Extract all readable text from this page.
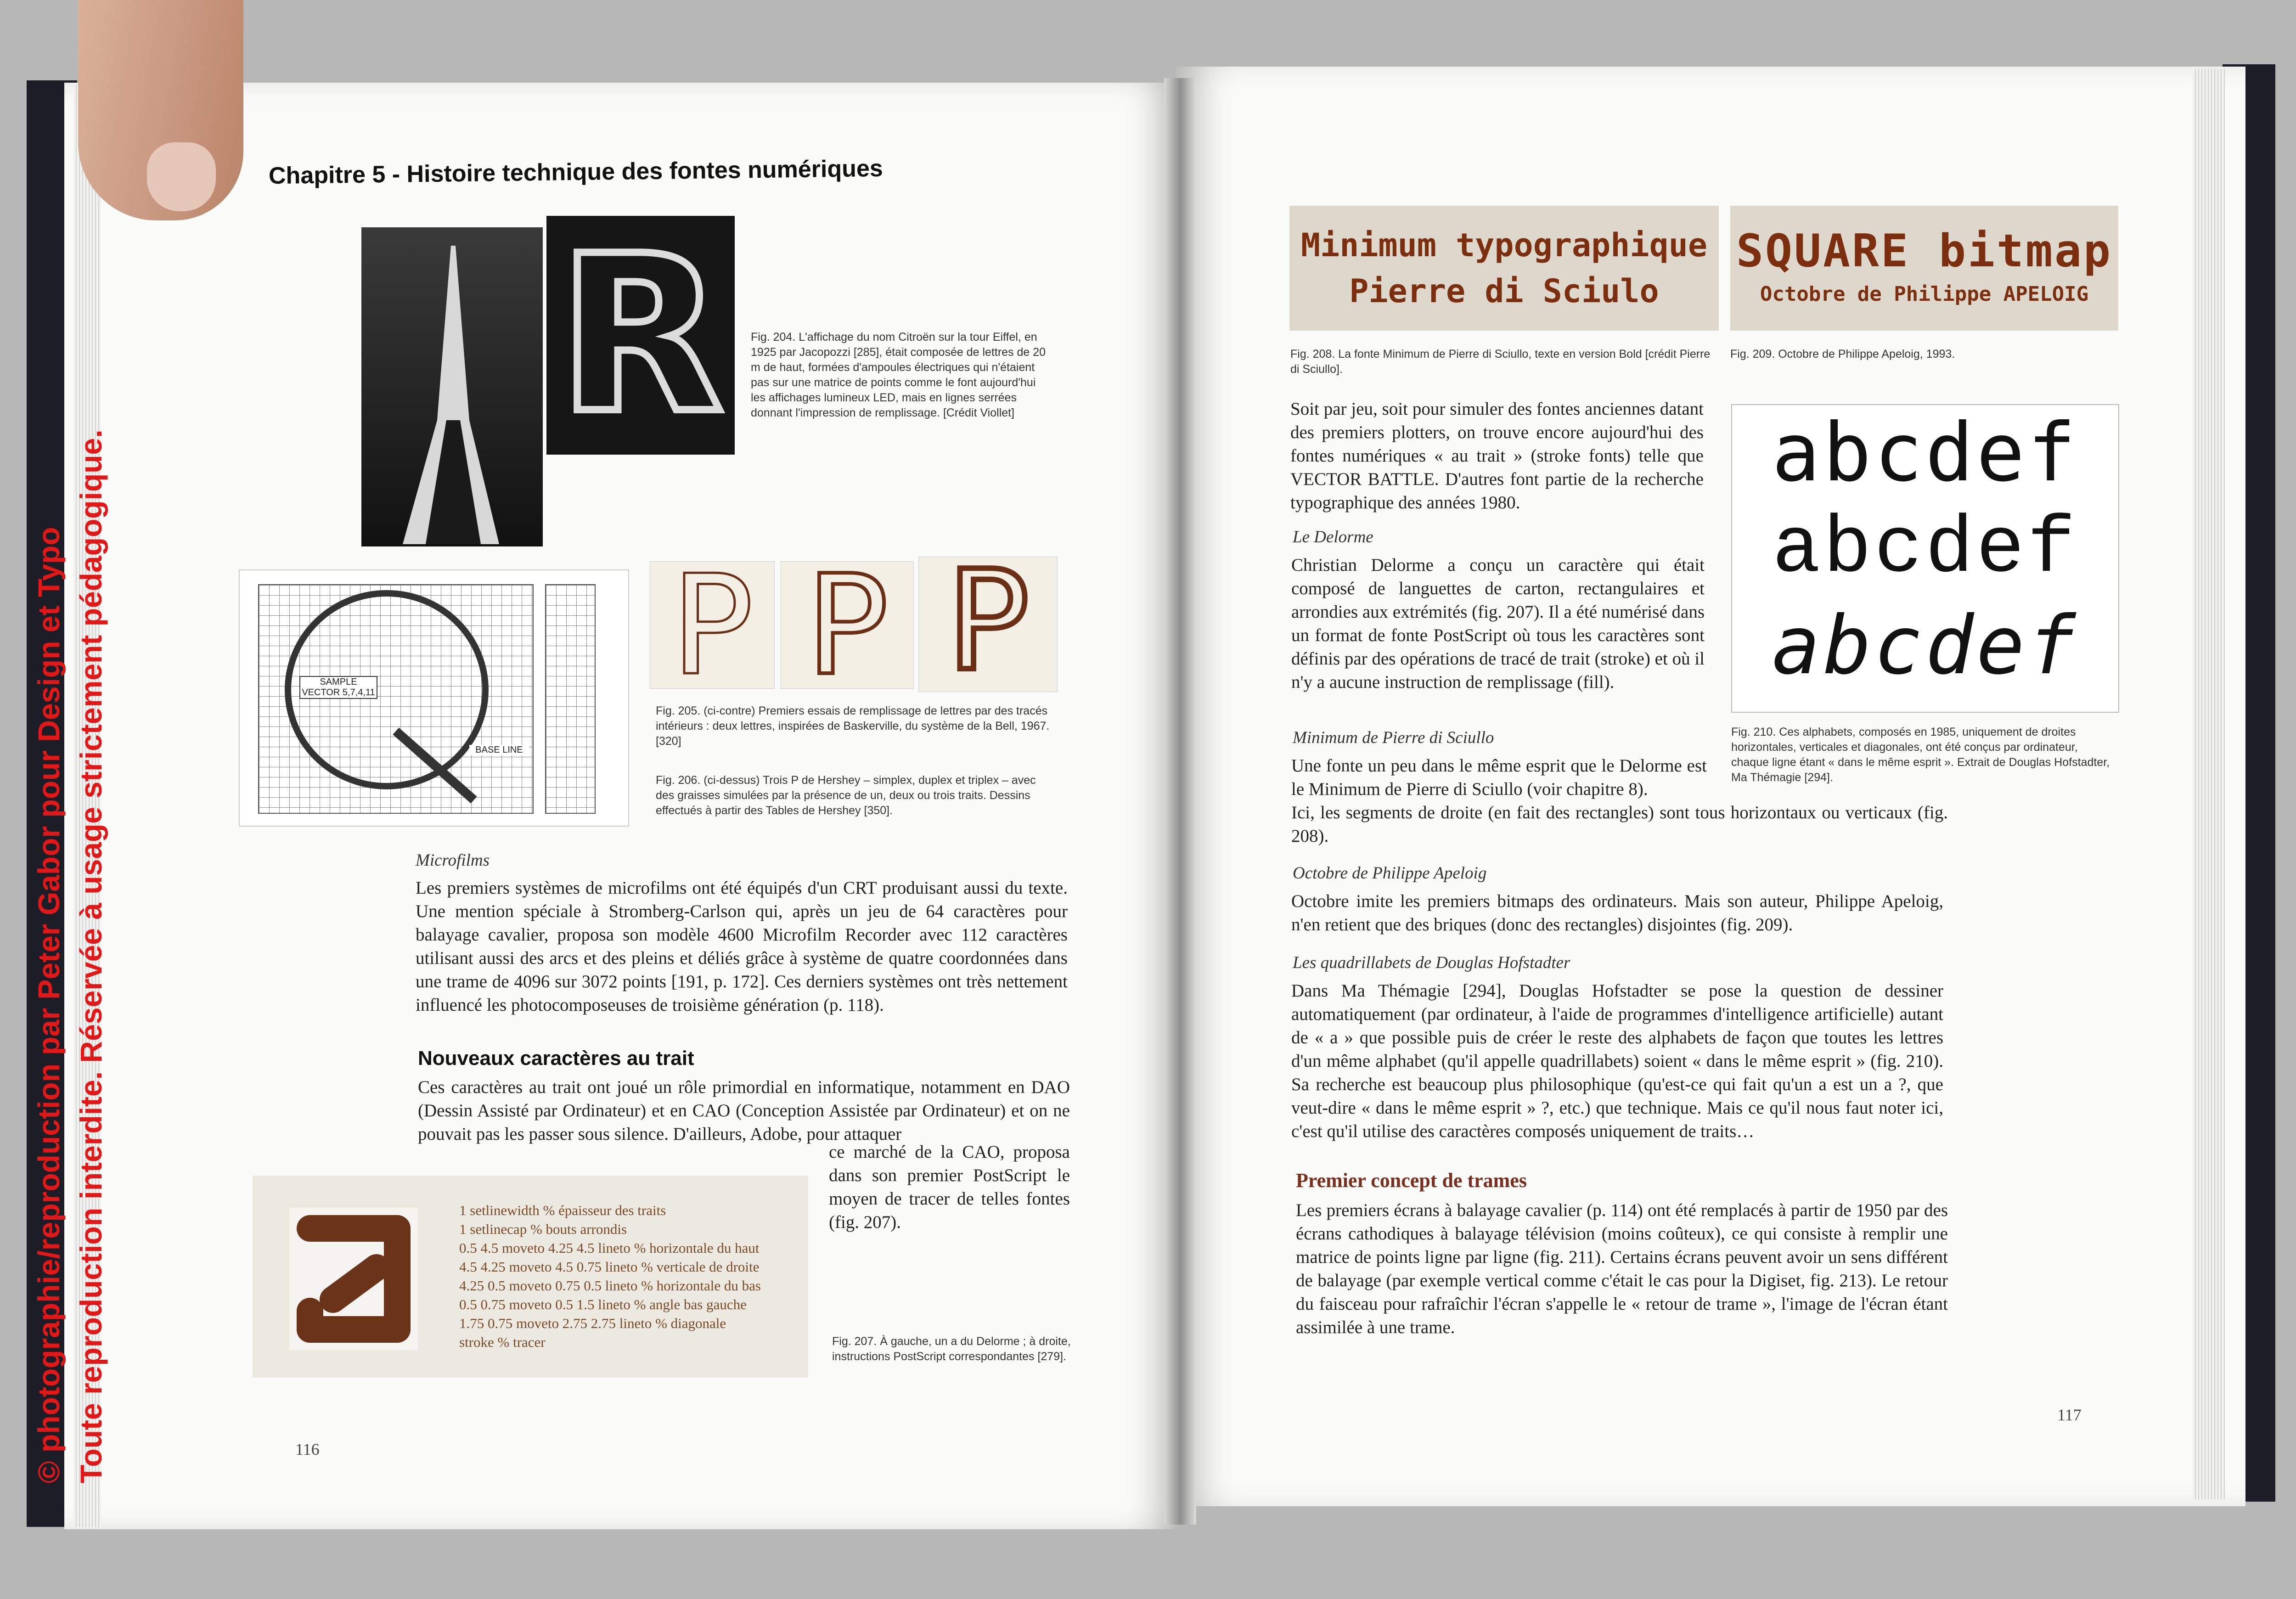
© photographie/reproduction par Peter Gabor pour Design et Typo Toute reproduction interdite. Réservée à usage strictement pédagogique.
Chapitre 5 - Histoire technique des fontes numériques
R	Fig. 204. L'affichage du nom Citroën sur la tour Eiffel, en 1925 par Jacopozzi [285], était composée de lettres de 20 m de haut, formées d'ampoules électriques qui n'étaient pas sur une matrice de points comme le font aujourd'hui les affichages lumineux LED, mais en lignes serrées donnant l'impression de remplissage. [Crédit Viollet]
SAMPLE VECTOR 5,7,4,11
BASE LINE
P P P
Fig. 205. (ci-contre) Premiers essais de remplissage de lettres par des tracés intérieurs : deux lettres, inspirées de Baskerville, du système de la Bell, 1967. [320]
Fig. 206. (ci-dessus) Trois P de Hershey – simplex, duplex et triplex – avec des graisses simulées par la présence de un, deux ou trois traits. Dessins effectués à partir des Tables de Hershey [350].
Microfilms
Les premiers systèmes de microfilms ont été équipés d'un CRT produisant aussi du texte. Une mention spéciale à Stromberg-Carlson qui, après un jeu de 64 caractères pour balayage cavalier, proposa son modèle 4600 Microfilm Recorder avec 112 caractères utilisant aussi des arcs et des pleins et déliés grâce à système de quatre coordonnées dans une trame de 4096 sur 3072 points [191, p. 172]. Ces derniers systèmes ont très nettement influencé les photocomposeuses de troisième génération (p. 118).
Nouveaux caractères au trait
Ces caractères au trait ont joué un rôle primordial en informatique, notamment en DAO (Dessin Assisté par Ordinateur) et en CAO (Conception Assistée par Ordinateur) et on ne pouvait pas les passer sous silence. D'ailleurs, Adobe, pour attaquer
ce marché de la CAO, proposa dans son premier PostScript le moyen de tracer de telles fontes (fig. 207).
1 setlinewidth % épaisseur des traits
1 setlinecap % bouts arrondis
0.5 4.5 moveto 4.25 4.5 lineto % horizontale du haut
4.5 4.25 moveto 4.5 0.75 lineto % verticale de droite
4.25 0.5 moveto 0.75 0.5 lineto % horizontale du bas
0.5 0.75 moveto 0.5 1.5 lineto % angle bas gauche
1.75 0.75 moveto 2.75 2.75 lineto % diagonale
stroke % tracer	Fig. 207. À gauche, un a du Delorme ; à droite, instructions PostScript correspondantes [279].
116
Minimum typographique
Pierre di Sciulo
SQUARE bitmap
Octobre de Philippe APELOIG
Fig. 208. La fonte Minimum de Pierre di Sciullo, texte en version Bold [crédit Pierre di Sciullo].
Fig. 209. Octobre de Philippe Apeloig, 1993.
Soit par jeu, soit pour simuler des fontes anciennes datant des premiers plotters, on trouve encore aujourd'hui des fontes numériques « au trait » (stroke fonts) telle que VECTOR BATTLE. D'autres font partie de la recherche typographique des années 1980.
abcdef
abcdef
abcdef
Fig. 210. Ces alphabets, composés en 1985, uniquement de droites horizontales, verticales et diagonales, ont été conçus par ordinateur, chaque ligne étant « dans le même esprit ». Extrait de Douglas Hofstadter, Ma Thémagie [294].
Le Delorme
Christian Delorme a conçu un caractère qui était composé de languettes de carton, rectangulaires et arrondies aux extrémités (fig. 207). Il a été numérisé dans un format de fonte PostScript où tous les caractères sont définis par des opérations de tracé de trait (stroke) et où il n'y a aucune instruction de remplissage (fill).
Minimum de Pierre di Sciullo
Une fonte un peu dans le même esprit que le Delorme est le Minimum de Pierre di Sciullo (voir chapitre 8).
Ici, les segments de droite (en fait des rectangles) sont tous horizontaux ou verticaux (fig. 208).
Octobre de Philippe Apeloig
Octobre imite les premiers bitmaps des ordinateurs. Mais son auteur, Philippe Apeloig, n'en retient que des briques (donc des rectangles) disjointes (fig. 209).
Les quadrillabets de Douglas Hofstadter
Dans Ma Thémagie [294], Douglas Hofstadter se pose la question de dessiner automatiquement (par ordinateur, à l'aide de programmes d'intelligence artificielle) autant de « a » que possible puis de créer le reste des alphabets de façon que toutes les lettres d'un même alphabet (qu'il appelle quadrillabets) soient « dans le même esprit » (fig. 210). Sa recherche est beaucoup plus philosophique (qu'est-ce qui fait qu'un a est un a ?, que veut-dire « dans le même esprit » ?, etc.) que technique. Mais ce qu'il nous faut noter ici, c'est qu'il utilise des caractères composés uniquement de traits…
Premier concept de trames
Les premiers écrans à balayage cavalier (p. 114) ont été remplacés à partir de 1950 par des écrans cathodiques à balayage télévision (moins coûteux), ce qui consiste à remplir une matrice de points ligne par ligne (fig. 211). Certains écrans peuvent avoir un sens différent de balayage (par exemple vertical comme c'était le cas pour la Digiset, fig. 213). Le retour du faisceau pour rafraîchir l'écran s'appelle le « retour de trame », l'image de l'écran étant assimilée à une trame.
117
